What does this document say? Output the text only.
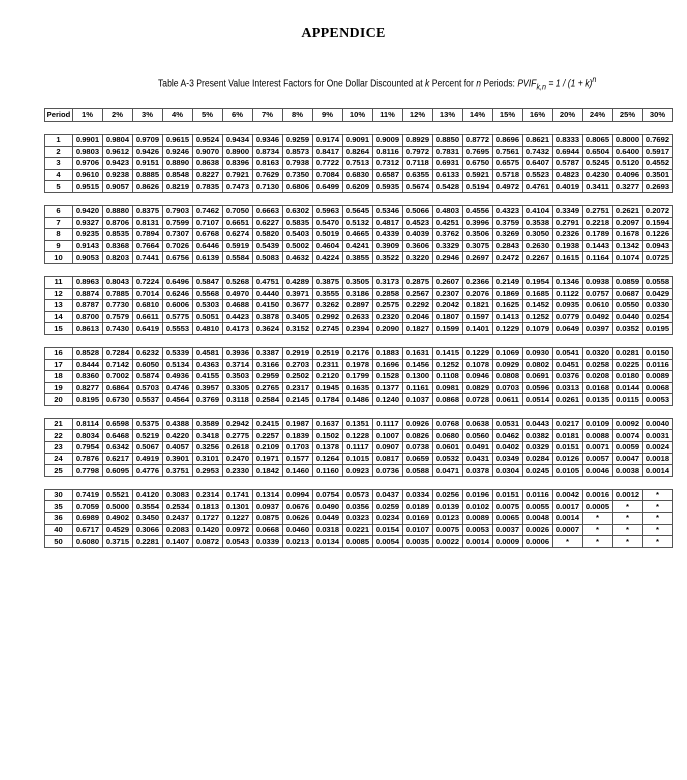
APPENDICE
Table A-3 Present Value Interest Factors for One Dollar Discounted at k Percent for n Periods: $PVIF_{k,n} = 1 / (1 + k)^n$
Period	1%	2%	3%	4%	5%	6%	7%	8%	9%	10%	11%	12%	13%	14%	15%	16%	20%	24%	25%	30%

1	0.9901	0.9804	0.9709	0.9615	0.9524	0.9434	0.9346	0.9259	0.9174	0.9091	0.9009	0.8929	0.8850	0.8772	0.8696	0.8621	0.8333	0.8065	0.8000	0.7692
2	0.9803	0.9612	0.9426	0.9246	0.9070	0.8900	0.8734	0.8573	0.8417	0.8264	0.8116	0.7972	0.7831	0.7695	0.7561	0.7432	0.6944	0.6504	0.6400	0.5917
3	0.9706	0.9423	0.9151	0.8890	0.8638	0.8396	0.8163	0.7938	0.7722	0.7513	0.7312	0.7118	0.6931	0.6750	0.6575	0.6407	0.5787	0.5245	0.5120	0.4552
4	0.9610	0.9238	0.8885	0.8548	0.8227	0.7921	0.7629	0.7350	0.7084	0.6830	0.6587	0.6355	0.6133	0.5921	0.5718	0.5523	0.4823	0.4230	0.4096	0.3501
5	0.9515	0.9057	0.8626	0.8219	0.7835	0.7473	0.7130	0.6806	0.6499	0.6209	0.5935	0.5674	0.5428	0.5194	0.4972	0.4761	0.4019	0.3411	0.3277	0.2693

6	0.9420	0.8880	0.8375	0.7903	0.7462	0.7050	0.6663	0.6302	0.5963	0.5645	0.5346	0.5066	0.4803	0.4556	0.4323	0.4104	0.3349	0.2751	0.2621	0.2072
7	0.9327	0.8706	0.8131	0.7599	0.7107	0.6651	0.6227	0.5835	0.5470	0.5132	0.4817	0.4523	0.4251	0.3996	0.3759	0.3538	0.2791	0.2218	0.2097	0.1594
8	0.9235	0.8535	0.7894	0.7307	0.6768	0.6274	0.5820	0.5403	0.5019	0.4665	0.4339	0.4039	0.3762	0.3506	0.3269	0.3050	0.2326	0.1789	0.1678	0.1226
9	0.9143	0.8368	0.7664	0.7026	0.6446	0.5919	0.5439	0.5002	0.4604	0.4241	0.3909	0.3606	0.3329	0.3075	0.2843	0.2630	0.1938	0.1443	0.1342	0.0943
10	0.9053	0.8203	0.7441	0.6756	0.6139	0.5584	0.5083	0.4632	0.4224	0.3855	0.3522	0.3220	0.2946	0.2697	0.2472	0.2267	0.1615	0.1164	0.1074	0.0725

11	0.8963	0.8043	0.7224	0.6496	0.5847	0.5268	0.4751	0.4289	0.3875	0.3505	0.3173	0.2875	0.2607	0.2366	0.2149	0.1954	0.1346	0.0938	0.0859	0.0558
12	0.8874	0.7885	0.7014	0.6246	0.5568	0.4970	0.4440	0.3971	0.3555	0.3186	0.2858	0.2567	0.2307	0.2076	0.1869	0.1685	0.1122	0.0757	0.0687	0.0429
13	0.8787	0.7730	0.6810	0.6006	0.5303	0.4688	0.4150	0.3677	0.3262	0.2897	0.2575	0.2292	0.2042	0.1821	0.1625	0.1452	0.0935	0.0610	0.0550	0.0330
14	0.8700	0.7579	0.6611	0.5775	0.5051	0.4423	0.3878	0.3405	0.2992	0.2633	0.2320	0.2046	0.1807	0.1597	0.1413	0.1252	0.0779	0.0492	0.0440	0.0254
15	0.8613	0.7430	0.6419	0.5553	0.4810	0.4173	0.3624	0.3152	0.2745	0.2394	0.2090	0.1827	0.1599	0.1401	0.1229	0.1079	0.0649	0.0397	0.0352	0.0195

16	0.8528	0.7284	0.6232	0.5339	0.4581	0.3936	0.3387	0.2919	0.2519	0.2176	0.1883	0.1631	0.1415	0.1229	0.1069	0.0930	0.0541	0.0320	0.0281	0.0150
17	0.8444	0.7142	0.6050	0.5134	0.4363	0.3714	0.3166	0.2703	0.2311	0.1978	0.1696	0.1456	0.1252	0.1078	0.0929	0.0802	0.0451	0.0258	0.0225	0.0116
18	0.8360	0.7002	0.5874	0.4936	0.4155	0.3503	0.2959	0.2502	0.2120	0.1799	0.1528	0.1300	0.1108	0.0946	0.0808	0.0691	0.0376	0.0208	0.0180	0.0089
19	0.8277	0.6864	0.5703	0.4746	0.3957	0.3305	0.2765	0.2317	0.1945	0.1635	0.1377	0.1161	0.0981	0.0829	0.0703	0.0596	0.0313	0.0168	0.0144	0.0068
20	0.8195	0.6730	0.5537	0.4564	0.3769	0.3118	0.2584	0.2145	0.1784	0.1486	0.1240	0.1037	0.0868	0.0728	0.0611	0.0514	0.0261	0.0135	0.0115	0.0053

21	0.8114	0.6598	0.5375	0.4388	0.3589	0.2942	0.2415	0.1987	0.1637	0.1351	0.1117	0.0926	0.0768	0.0638	0.0531	0.0443	0.0217	0.0109	0.0092	0.0040
22	0.8034	0.6468	0.5219	0.4220	0.3418	0.2775	0.2257	0.1839	0.1502	0.1228	0.1007	0.0826	0.0680	0.0560	0.0462	0.0382	0.0181	0.0088	0.0074	0.0031
23	0.7954	0.6342	0.5067	0.4057	0.3256	0.2618	0.2109	0.1703	0.1378	0.1117	0.0907	0.0738	0.0601	0.0491	0.0402	0.0329	0.0151	0.0071	0.0059	0.0024
24	0.7876	0.6217	0.4919	0.3901	0.3101	0.2470	0.1971	0.1577	0.1264	0.1015	0.0817	0.0659	0.0532	0.0431	0.0349	0.0284	0.0126	0.0057	0.0047	0.0018
25	0.7798	0.6095	0.4776	0.3751	0.2953	0.2330	0.1842	0.1460	0.1160	0.0923	0.0736	0.0588	0.0471	0.0378	0.0304	0.0245	0.0105	0.0046	0.0038	0.0014

30	0.7419	0.5521	0.4120	0.3083	0.2314	0.1741	0.1314	0.0994	0.0754	0.0573	0.0437	0.0334	0.0256	0.0196	0.0151	0.0116	0.0042	0.0016	0.0012	*
35	0.7059	0.5000	0.3554	0.2534	0.1813	0.1301	0.0937	0.0676	0.0490	0.0356	0.0259	0.0189	0.0139	0.0102	0.0075	0.0055	0.0017	0.0005	*	*
36	0.6989	0.4902	0.3450	0.2437	0.1727	0.1227	0.0875	0.0626	0.0449	0.0323	0.0234	0.0169	0.0123	0.0089	0.0065	0.0048	0.0014	*	*	*
40	0.6717	0.4529	0.3066	0.2083	0.1420	0.0972	0.0668	0.0460	0.0318	0.0221	0.0154	0.0107	0.0075	0.0053	0.0037	0.0026	0.0007	*	*	*
50	0.6080	0.3715	0.2281	0.1407	0.0872	0.0543	0.0339	0.0213	0.0134	0.0085	0.0054	0.0035	0.0022	0.0014	0.0009	0.0006	*	*	*	*
